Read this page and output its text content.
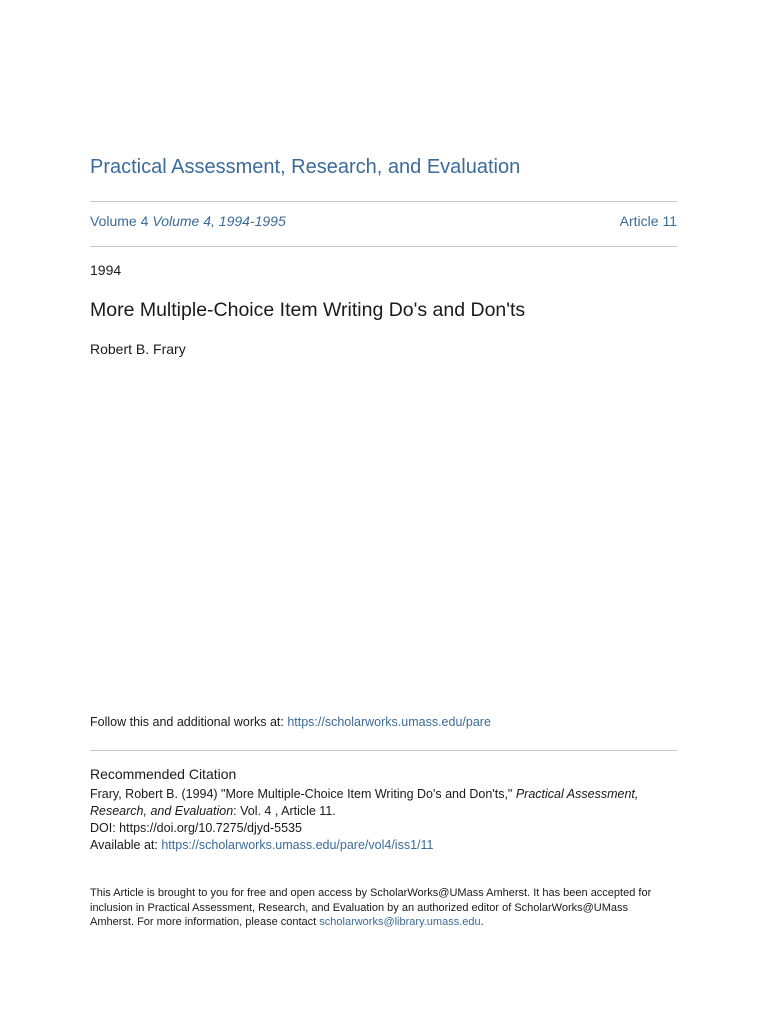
Practical Assessment, Research, and Evaluation
Volume 4 Volume 4, 1994-1995	Article 11
1994
More Multiple-Choice Item Writing Do's and Don'ts
Robert B. Frary
Follow this and additional works at: https://scholarworks.umass.edu/pare
Recommended Citation
Frary, Robert B. (1994) "More Multiple-Choice Item Writing Do's and Don'ts," Practical Assessment,
Research, and Evaluation: Vol. 4 , Article 11.
DOI: https://doi.org/10.7275/djyd-5535
Available at: https://scholarworks.umass.edu/pare/vol4/iss1/11
This Article is brought to you for free and open access by ScholarWorks@UMass Amherst. It has been accepted for
inclusion in Practical Assessment, Research, and Evaluation by an authorized editor of ScholarWorks@UMass
Amherst. For more information, please contact scholarworks@library.umass.edu.
